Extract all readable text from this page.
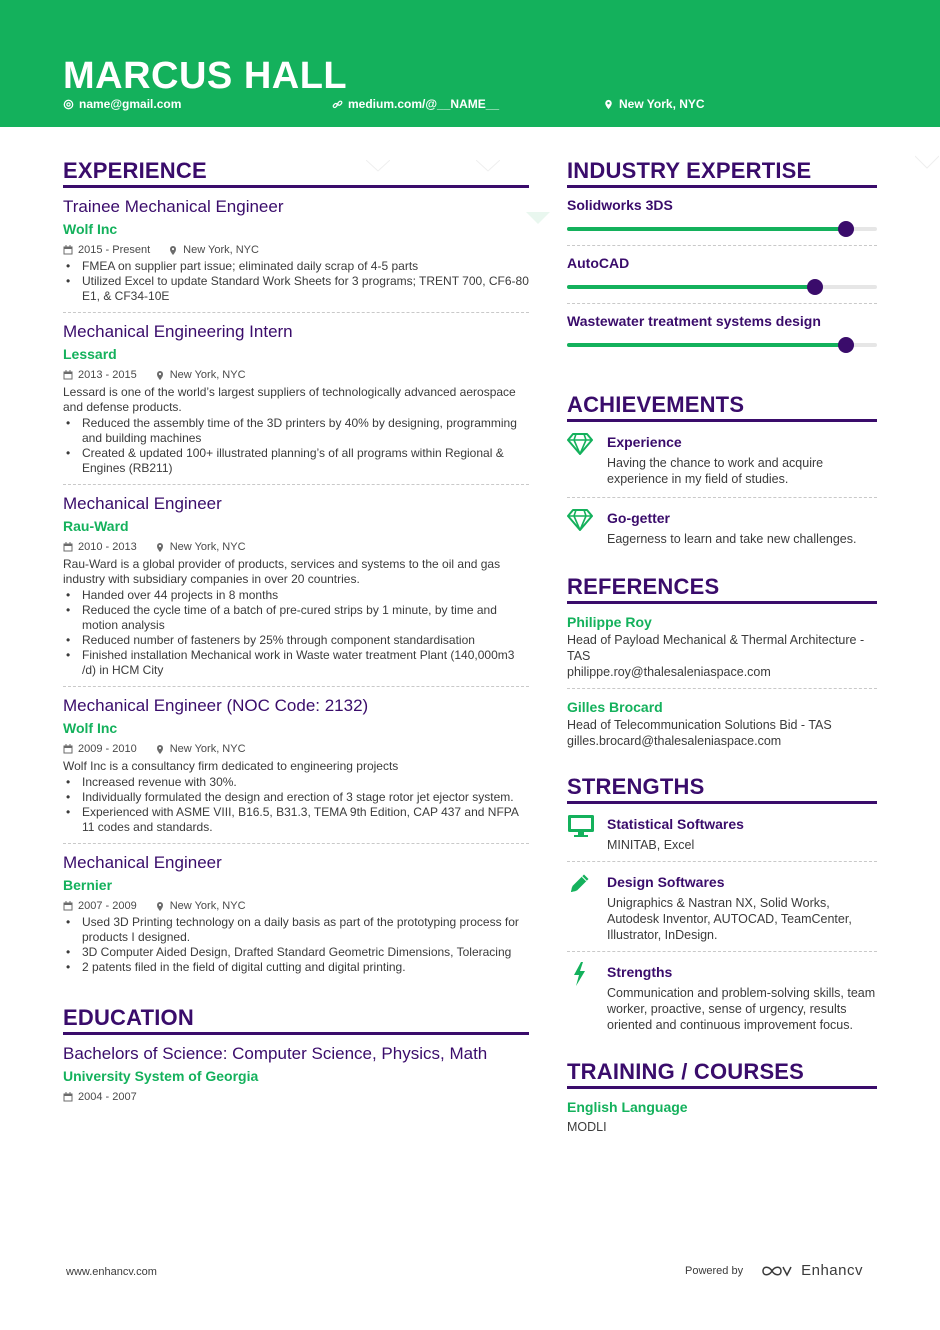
MARCUS HALL
name@gmail.com	medium.com/@__NAME__	New York, NYC
EXPERIENCE
Trainee Mechanical Engineer
Wolf Inc
2015 - Present	New York, NYC
• FMEA on supplier part issue; eliminated daily scrap of 4-5 parts
• Utilized Excel to update Standard Work Sheets for 3 programs; TRENT 700, CF6-80 E1, & CF34-10E
Mechanical Engineering Intern
Lessard
2013 - 2015	New York, NYC
Lessard is one of the world’s largest suppliers of technologically advanced aerospace and defense products.
• Reduced the assembly time of the 3D printers by 40% by designing, programming and building machines
• Created & updated 100+ illustrated planning’s of all programs within Regional & Engines (RB211)
Mechanical Engineer
Rau-Ward
2010 - 2013	New York, NYC
Rau-Ward is a global provider of products, services and systems to the oil and gas industry with subsidiary companies in over 20 countries.
• Handed over 44 projects in 8 months
• Reduced the cycle time of a batch of pre-cured strips by 1 minute, by time and motion analysis
• Reduced number of fasteners by 25% through component standardisation
• Finished installation Mechanical work in Waste water treatment Plant (140,000m3 /d) in HCM City
Mechanical Engineer (NOC Code: 2132)
Wolf Inc
2009 - 2010	New York, NYC
Wolf Inc is a consultancy firm dedicated to engineering projects
• Increased revenue with 30%.
• Individually formulated the design and erection of 3 stage rotor jet ejector system.
• Experienced with ASME VIII, B16.5, B31.3, TEMA 9th Edition, CAP 437 and NFPA 11 codes and standards.
Mechanical Engineer
Bernier
2007 - 2009	New York, NYC
• Used 3D Printing technology on a daily basis as part of the prototyping process for products I designed.
• 3D Computer Aided Design, Drafted Standard Geometric Dimensions, Toleracing
• 2 patents filed in the field of digital cutting and digital printing.
EDUCATION
Bachelors of Science: Computer Science, Physics, Math
University System of Georgia
2004 - 2007
INDUSTRY EXPERTISE
Solidworks 3DS
AutoCAD
Wastewater treatment systems design
ACHIEVEMENTS
Experience
Having the chance to work and acquire experience in my field of studies.
Go-getter
Eagerness to learn and take new challenges.
REFERENCES
Philippe Roy
Head of Payload Mechanical & Thermal Architecture - TAS
philippe.roy@thalesaleniaspace.com
Gilles Brocard
Head of Telecommunication Solutions Bid - TAS
gilles.brocard@thalesaleniaspace.com
STRENGTHS
Statistical Softwares
MINITAB, Excel
Design Softwares
Unigraphics & Nastran NX, Solid Works, Autodesk Inventor, AUTOCAD, TeamCenter, Illustrator, InDesign.
Strengths
Communication and problem-solving skills, team worker, proactive, sense of urgency, results oriented and continuous improvement focus.
TRAINING / COURSES
English Language
MODLI
www.enhancv.com	Powered by	Enhancv
